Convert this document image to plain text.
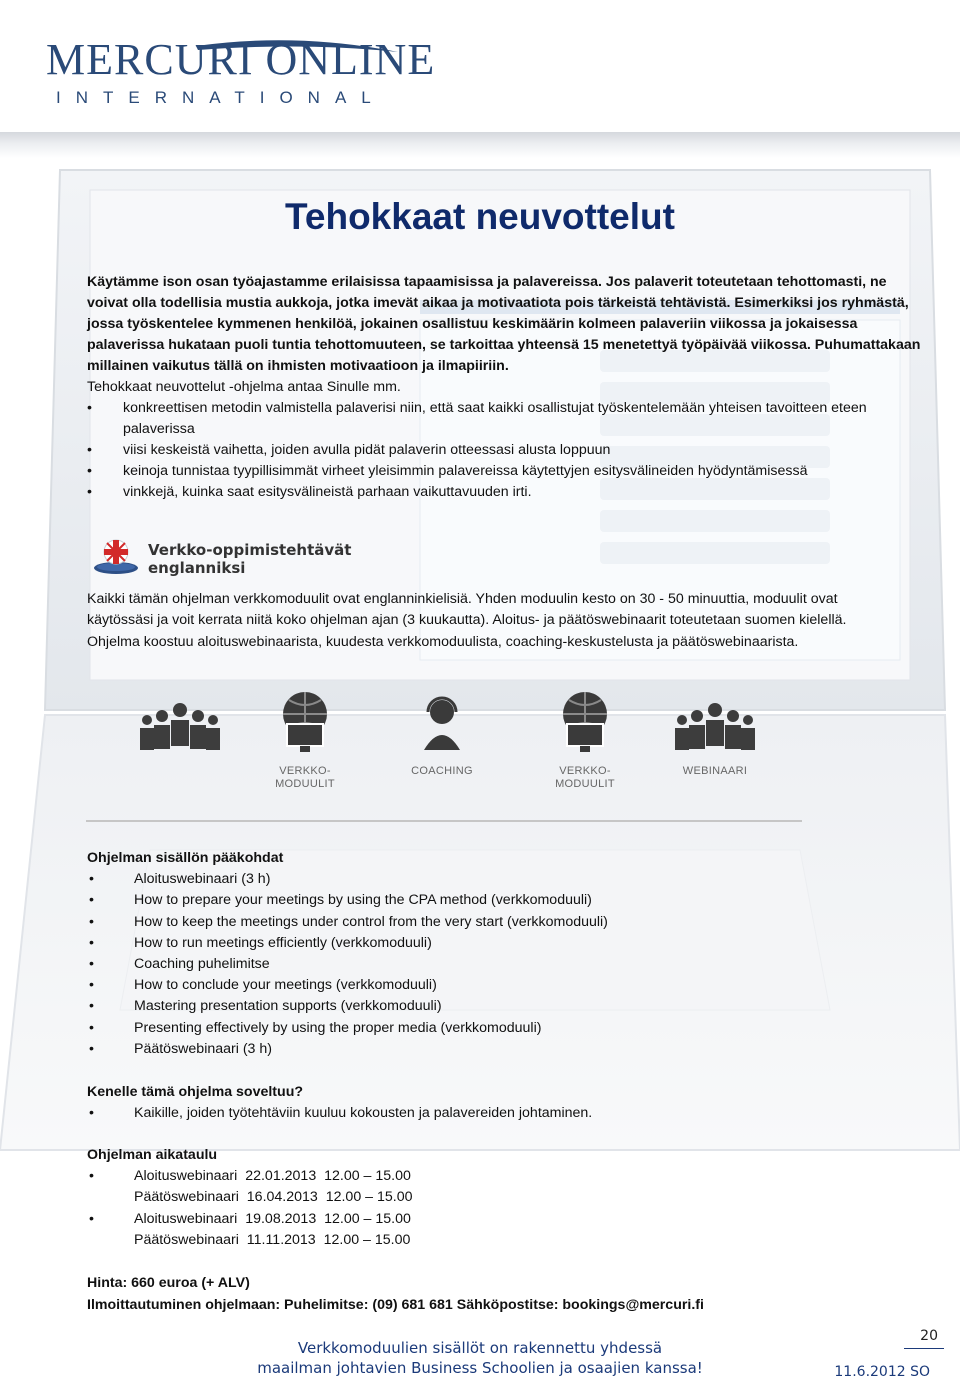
MERCURI ONLINE
INTERNATIONAL
Tehokkaat neuvottelut

Käytämme ison osan työajastamme erilaisissa tapaamisissa ja palavereissa. Jos palaverit toteutetaan tehottomasti, ne voivat olla todellisia mustia aukkoja, jotka imevät aikaa ja motivaatiota pois tärkeistä tehtävistä. Esimerkiksi jos ryhmästä, jossa työskentelee kymmenen henkilöä, jokainen osallistuu keskimäärin kolmeen palaveriin viikossa ja jokaisessa palaverissa hukataan puoli tuntia tehottomuuteen, se tarkoittaa yhteensä 15 menetettyä työpäivää viikossa. Puhumattakaan millainen vaikutus tällä on ihmisten motivaatioon ja ilmapiiriin.

Tehokkaat neuvottelut -ohjelma antaa Sinulle mm.

• konkreettisen metodin valmistella palaverisi niin, että saat kaikki osallistujat työskentelemään yhteisen tavoitteen eteen palaverissa
• viisi keskeistä vaihetta, joiden avulla pidät palaverin otteessasi alusta loppuun
• keinoja tunnistaa tyypillisimmät virheet yleisimmin palavereissa käytettyjen esitysvälineiden hyödyntämisessä
• vinkkejä, kuinka saat esitysvälineistä parhaan vaikuttavuuden irti.
Verkko-oppimistehtävät
englanniksi

Kaikki tämän ohjelman verkkomoduulit ovat englanninkielisiä. Yhden moduulin kesto on 30 - 50 minuuttia, moduulit ovat käytössäsi ja voit kerrata niitä koko ohjelman ajan (3 kuukautta). Aloitus- ja päätöswebinaarit toteutetaan suomen kielellä. Ohjelma koostuu aloituswebinaarista, kuudesta verkkomoduulista, coaching-keskustelusta ja päätöswebinaarista.

VERKKO-
MODUULIT
COACHING	VERKKO-
MODUULIT
WEBINAARI
Ohjelman sisällön pääkohdat
• Aloituswebinaari (3 h)
• How to prepare your meetings by using the CPA method (verkkomoduuli)
• How to keep the meetings under control from the very start (verkkomoduuli)
• How to run meetings efficiently (verkkomoduuli)
• Coaching puhelimitse
• How to conclude your meetings (verkkomoduuli)
• Mastering presentation supports (verkkomoduuli)
• Presenting effectively by using the proper media (verkkomoduuli)
• Päätöswebinaari (3 h)
Kenelle tämä ohjelma soveltuu?
• Kaikille, joiden työtehtäviin kuuluu kokousten ja palavereiden johtaminen.
Ohjelman aikataulu
• Aloituswebinaari 22.01.2013 12.00 – 15.00
Päätöswebinaari 16.04.2013 12.00 – 15.00
• Aloituswebinaari 19.08.2013 12.00 – 15.00
Päätöswebinaari 11.11.2013 12.00 – 15.00
Hinta: 660 euroa (+ ALV)
Ilmoittautuminen ohjelmaan: Puhelimitse: (09) 681 681 Sähköpostitse: bookings@mercuri.fi
20
Verkkomoduulien sisällöt on rakennettu yhdessä
maailman johtavien Business Schoolien ja osaajien kanssa!	11.6.2012 SO
